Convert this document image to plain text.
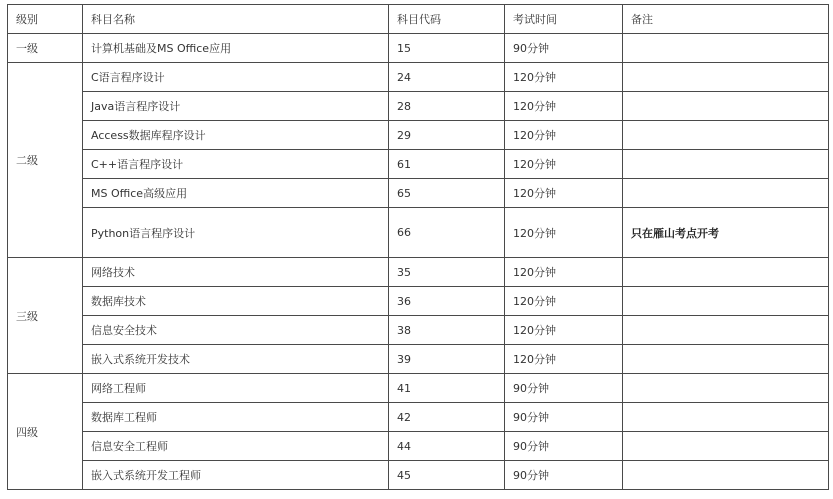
级别	科目名称	科目代码	考试时间	备注
一级	计算机基础及MS Office应用	15	90分钟	
二级	C语言程序设计	24	120分钟	
	Java语言程序设计	28	120分钟	
	Access数据库程序设计	29	120分钟	
	C++语言程序设计	61	120分钟	
	MS Office高级应用	65	120分钟	
	Python语言程序设计	66	120分钟	只在雁山考点开考
三级	网络技术	35	120分钟	
	数据库技术	36	120分钟	
	信息安全技术	38	120分钟	
	嵌入式系统开发技术	39	120分钟	
四级	网络工程师	41	90分钟	
	数据库工程师	42	90分钟	
	信息安全工程师	44	90分钟	
	嵌入式系统开发工程师	45	90分钟	
